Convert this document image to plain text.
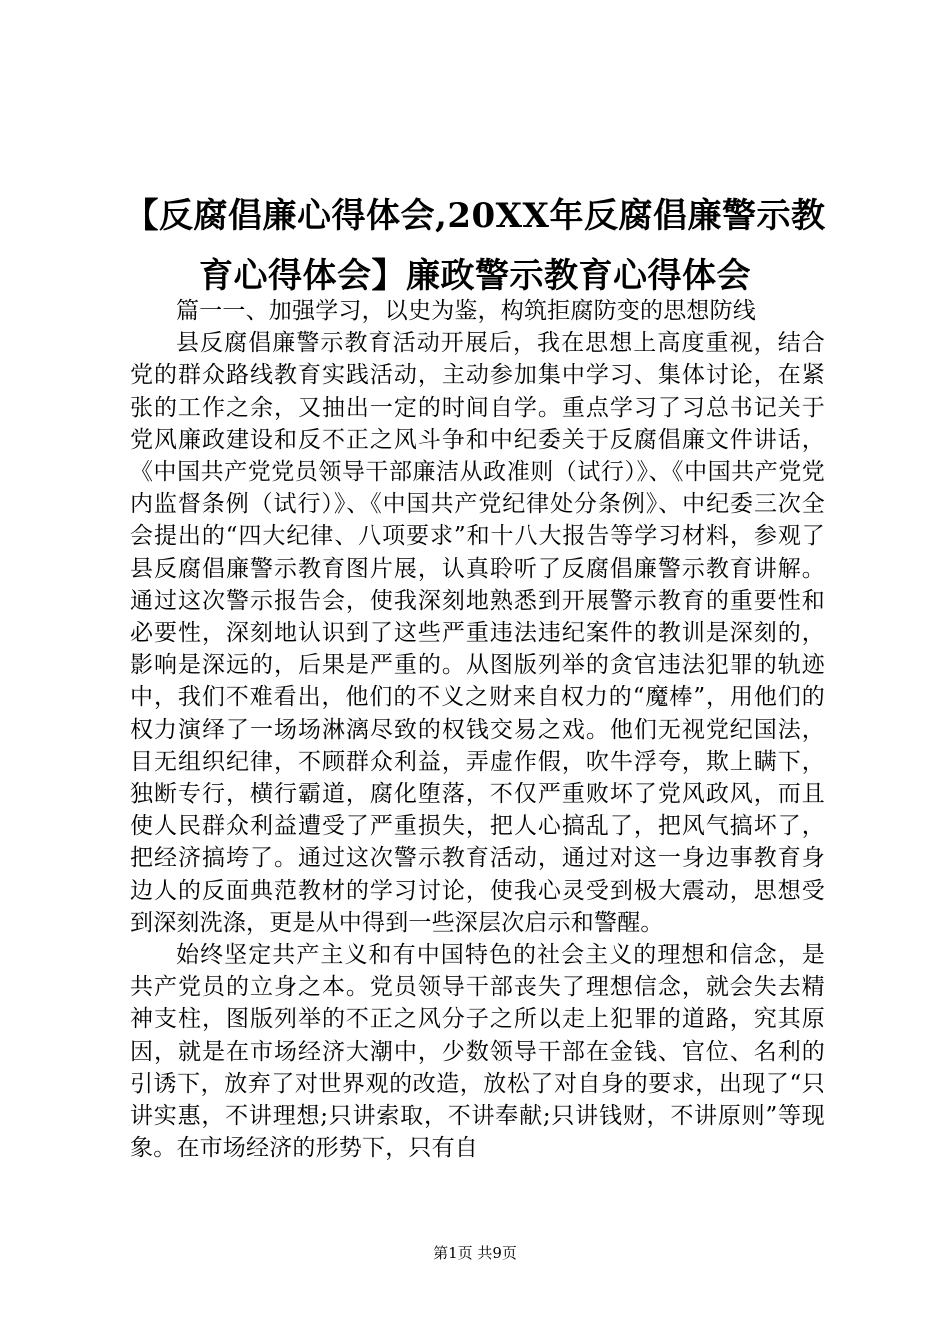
【反腐倡廉心得体会,20XX年反腐倡廉警示教育心得体会】廉政警示教育心得体会

篇一一、加强学习，以史为鉴，构筑拒腐防变的思想防线

县反腐倡廉警示教育活动开展后，我在思想上高度重视，结合党的群众路线教育实践活动，主动参加集中学习、集体讨论，在紧张的工作之余，又抽出一定的时间自学。重点学习了习总书记关于党风廉政建设和反不正之风斗争和中纪委关于反腐倡廉文件讲话，《中国共产党党员领导干部廉洁从政准则（试行）》、《中国共产党党内监督条例（试行）》、《中国共产党纪律处分条例》、中纪委三次全会提出的“四大纪律、八项要求”和十八大报告等学习材料，参观了县反腐倡廉警示教育图片展，认真聆听了反腐倡廉警示教育讲解。通过这次警示报告会，使我深刻地熟悉到开展警示教育的重要性和必要性，深刻地认识到了这些严重违法违纪案件的教训是深刻的，影响是深远的，后果是严重的。从图版列举的贪官违法犯罪的轨迹中，我们不难看出，他们的不义之财来自权力的“魔棒”，用他们的权力演绎了一场场淋漓尽致的权钱交易之戏。他们无视党纪国法，目无组织纪律，不顾群众利益，弄虚作假，吹牛浮夸，欺上瞒下，独断专行，横行霸道，腐化堕落，不仅严重败坏了党风政风，而且使人民群众利益遭受了严重损失，把人心搞乱了，把风气搞坏了，把经济搞垮了。通过这次警示教育活动，通过对这一身边事教育身边人的反面典范教材的学习讨论，使我心灵受到极大震动，思想受到深刻洗涤，更是从中得到一些深层次启示和警醒。

始终坚定共产主义和有中国特色的社会主义的理想和信念，是共产党员的立身之本。党员领导干部丧失了理想信念，就会失去精神支柱，图版列举的不正之风分子之所以走上犯罪的道路，究其原因，就是在市场经济大潮中，少数领导干部在金钱、官位、名利的引诱下，放弃了对世界观的改造，放松了对自身的要求，出现了“只讲实惠，不讲理想;只讲索取，不讲奉献;只讲钱财，不讲原则”等现象。在市场经济的形势下，只有自

第1页 共9页
